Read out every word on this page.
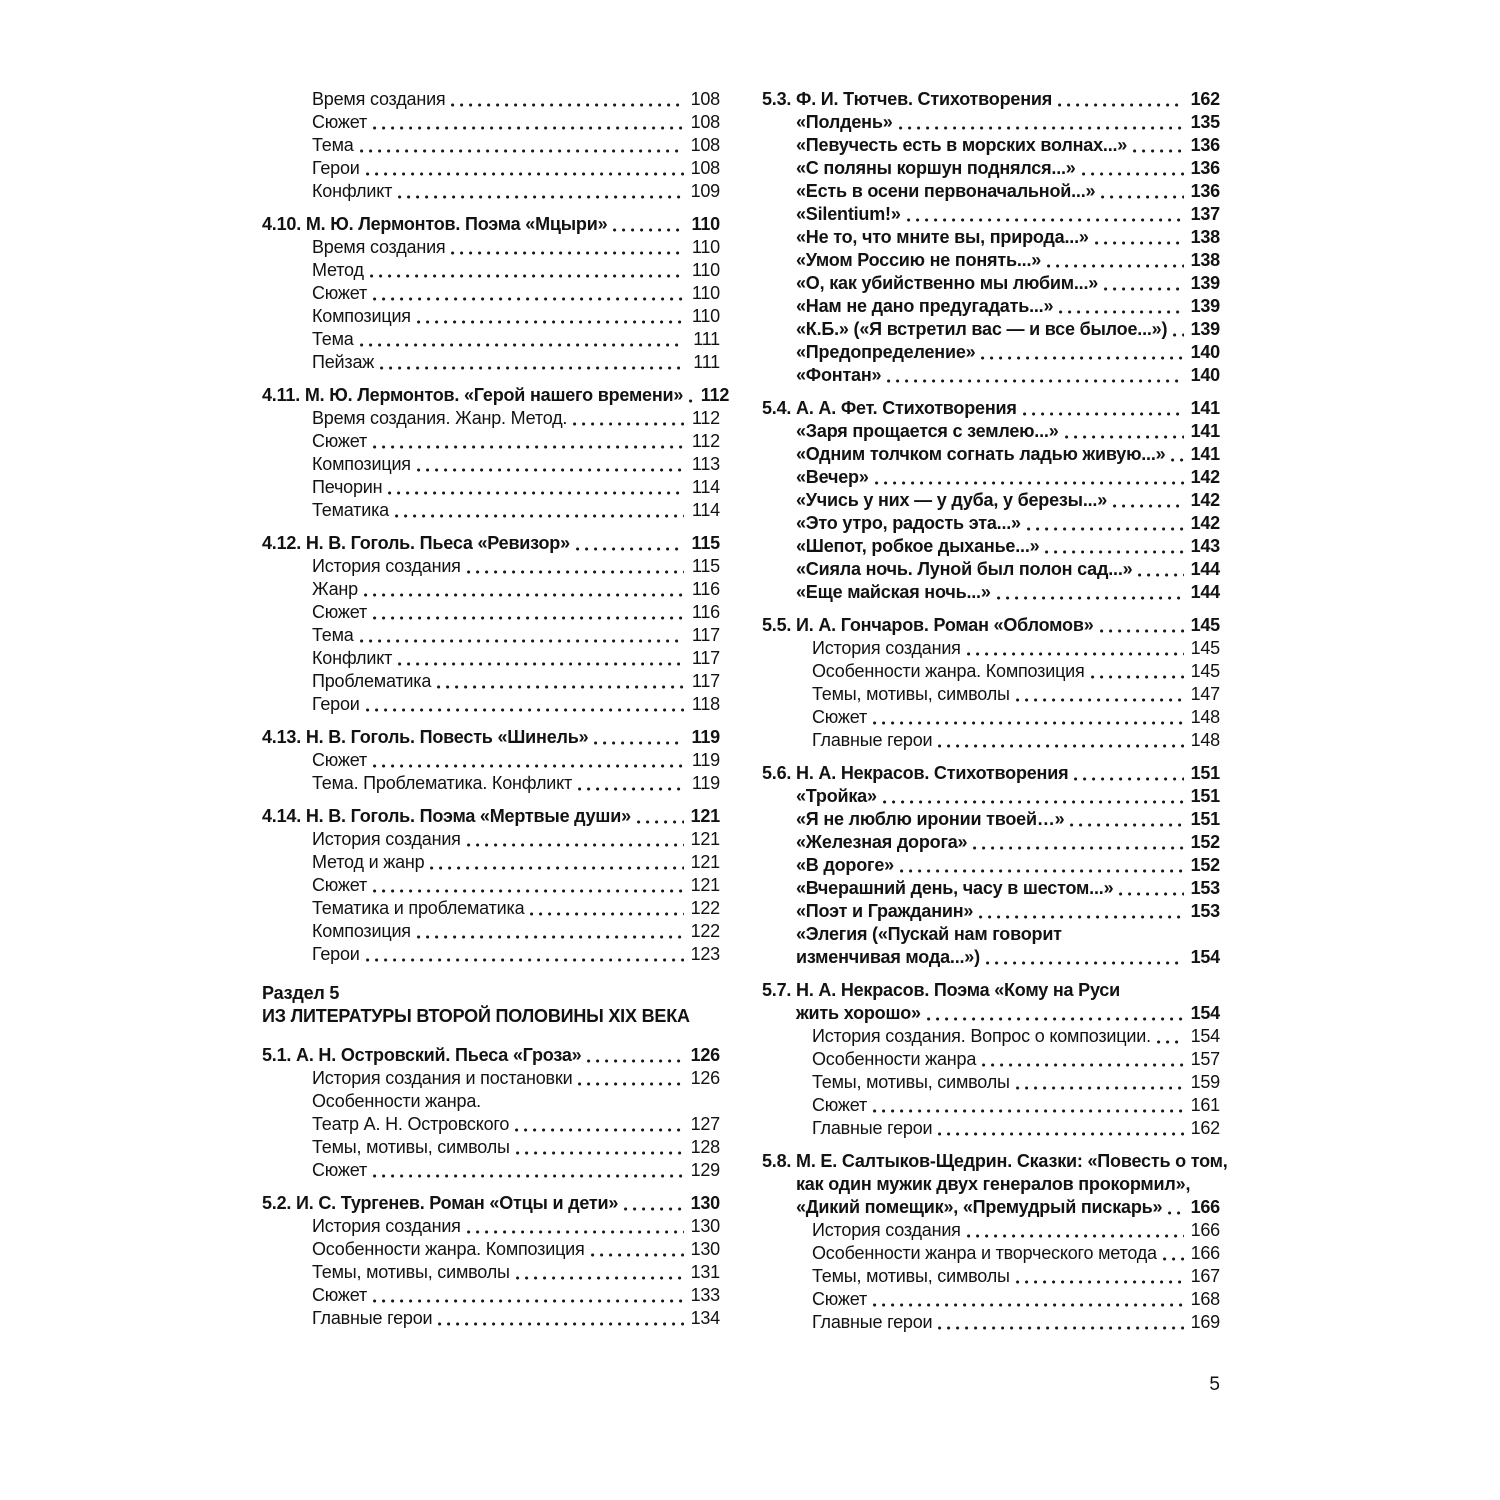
Время создания	108
Сюжет	108
Тема	108
Герои	108
Конфликт	109
4.10. М. Ю. Лермонтов. Поэма «Мцыри»	110
Время создания	110
Метод	110
Сюжет	110
Композиция	110
Тема	111
Пейзаж	111
4.11. М. Ю. Лермонтов. «Герой нашего времени» 112
Время создания. Жанр. Метод.	112
Сюжет	112
Композиция	113
Печорин	114
Тематика	114
4.12. Н. В. Гоголь. Пьеса «Ревизор»	115
История создания	115
Жанр	116
Сюжет	116
Тема	117
Конфликт	117
Проблематика	117
Герои	118
4.13. Н. В. Гоголь. Повесть «Шинель»	119
Сюжет	119
Тема. Проблематика. Конфликт	119
4.14. Н. В. Гоголь. Поэма «Мертвые души»	121
История создания	121
Метод и жанр	121
Сюжет	121
Тематика и проблематика	122
Композиция	122
Герои	123
Раздел 5
ИЗ ЛИТЕРАТУРЫ ВТОРОЙ ПОЛОВИНЫ XIX ВЕКА
5.1. А. Н. Островский. Пьеса «Гроза»	126
История создания и постановки	126
Особенности жанра.
Театр А. Н. Островского	127
Темы, мотивы, символы	128
Сюжет	129
5.2. И. С. Тургенев. Роман «Отцы и дети»	130
История создания	130
Особенности жанра. Композиция	130
Темы, мотивы, символы	131
Сюжет	133
Главные герои	134
5.3. Ф. И. Тютчев. Стихотворения	162
«Полдень»	135
«Певучесть есть в морских волнах...»	136
«С поляны коршун поднялся...»	136
«Есть в осени первоначальной...»	136
«Silentium!»	137
«Не то, что мните вы, природа...»	138
«Умом Россию не понять...»	138
«О, как убийственно мы любим...»	139
«Нам не дано предугадать...»	139
«К.Б.» («Я встретил вас — и все былое...») 139
«Предопределение»	140
«Фонтан»	140
5.4. А. А. Фет. Стихотворения	141
«Заря прощается с землею...»	141
«Одним толчком согнать ладью живую...» 141
«Вечер»	142
«Учись у них — у дуба, у березы...»	142
«Это утро, радость эта...»	142
«Шепот, робкое дыханье...»	143
«Сияла ночь. Луной был полон сад...»	144
«Еще майская ночь...»	144
5.5. И. А. Гончаров. Роман «Обломов»	145
История создания	145
Особенности жанра. Композиция	145
Темы, мотивы, символы	147
Сюжет	148
Главные герои	148
5.6. Н. А. Некрасов. Стихотворения	151
«Тройка»	151
«Я не люблю иронии твоей…»	151
«Железная дорога»	152
«В дороге»	152
«Вчерашний день, часу в шестом...»	153
«Поэт и Гражданин»	153
«Элегия («Пускай нам говорит
изменчивая мода...»)	154
5.7. Н. А. Некрасов. Поэма «Кому на Руси
жить хорошо»	154
История создания. Вопрос о композиции. 154
Особенности жанра	157
Темы, мотивы, символы	159
Сюжет	161
Главные герои	162
5.8. М. Е. Салтыков-Щедрин. Сказки: «Повесть о том,
как один мужик двух генералов прокормил»,
«Дикий помещик», «Премудрый пискарь» 166
История создания	166
Особенности жанра и творческого метода 166
Темы, мотивы, символы	167
Сюжет	168
Главные герои	169
5
